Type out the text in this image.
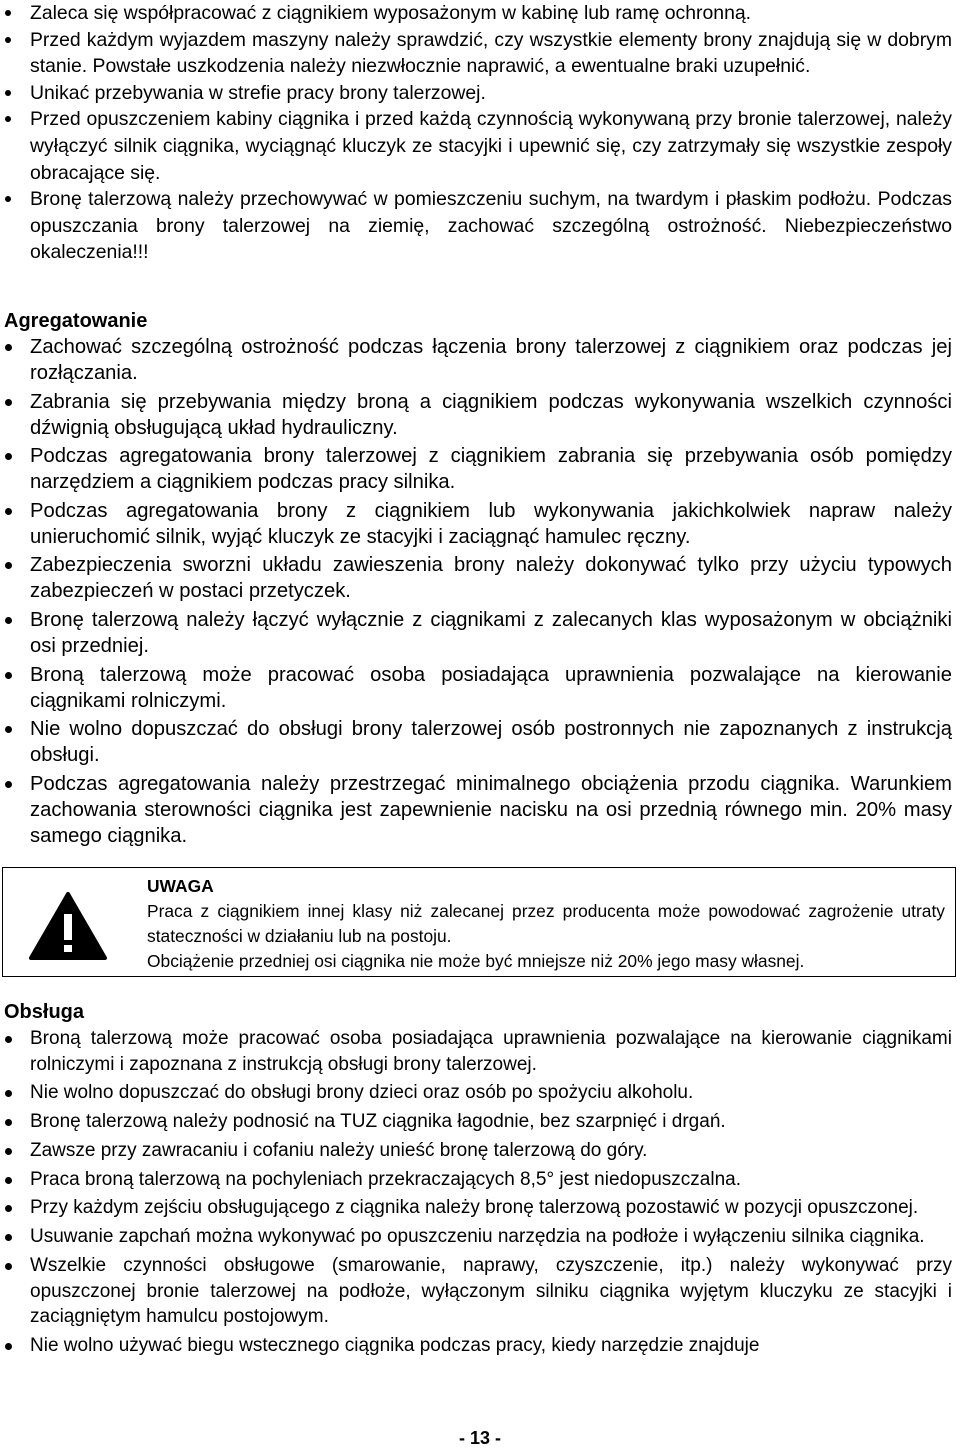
Zaleca się współpracować z ciągnikiem wyposażonym w kabinę lub ramę ochronną.
Przed każdym wyjazdem maszyny należy sprawdzić, czy wszystkie elementy brony znajdują się w dobrym stanie. Powstałe uszkodzenia należy niezwłocznie naprawić, a ewentualne braki uzupełnić.
Unikać przebywania w strefie pracy brony talerzowej.
Przed opuszczeniem kabiny ciągnika i przed każdą czynnością wykonywaną przy bronie talerzowej, należy wyłączyć silnik ciągnika, wyciągnąć kluczyk ze stacyjki i upewnić się, czy zatrzymały się wszystkie zespoły obracające się.
Bronę talerzową należy przechowywać w pomieszczeniu suchym, na twardym i płaskim podłożu. Podczas opuszczania brony talerzowej na ziemię, zachować szczególną ostrożność. Niebezpieczeństwo okaleczenia!!!
Agregatowanie
Zachować szczególną ostrożność podczas łączenia brony talerzowej z ciągnikiem oraz podczas jej rozłączania.
Zabrania się przebywania między broną a ciągnikiem podczas wykonywania wszelkich czynności dźwignią obsługującą układ hydrauliczny.
Podczas agregatowania brony talerzowej z ciągnikiem zabrania się przebywania osób pomiędzy narzędziem a ciągnikiem podczas pracy silnika.
Podczas agregatowania brony z ciągnikiem lub wykonywania jakichkolwiek napraw należy unieruchomić silnik, wyjąć kluczyk ze stacyjki i zaciągnąć hamulec ręczny.
Zabezpieczenia sworzni układu zawieszenia brony należy dokonywać tylko przy użyciu typowych zabezpieczeń w postaci przetyczek.
Bronę talerzową należy łączyć wyłącznie z ciągnikami z zalecanych klas wyposażonym w obciążniki osi przedniej.
Broną talerzową może pracować osoba posiadająca uprawnienia pozwalające na kierowanie ciągnikami rolniczymi.
Nie wolno dopuszczać do obsługi brony talerzowej osób postronnych nie zapoznanych z instrukcją obsługi.
Podczas agregatowania należy przestrzegać minimalnego obciążenia przodu ciągnika. Warunkiem zachowania sterowności ciągnika jest zapewnienie nacisku na osi przednią równego min. 20% masy samego ciągnika.
UWAGA
Praca z ciągnikiem innej klasy niż zalecanej przez producenta może powodować zagrożenie utraty stateczności w działaniu lub na postoju.
Obciążenie przedniej osi ciągnika nie może być mniejsze niż 20% jego masy własnej.
Obsługa
Broną talerzową może pracować osoba posiadająca uprawnienia pozwalające na kierowanie ciągnikami rolniczymi i zapoznana z instrukcją obsługi brony talerzowej.
Nie wolno dopuszczać do obsługi brony dzieci oraz osób po spożyciu alkoholu.
Bronę talerzową należy podnosić na TUZ ciągnika łagodnie, bez szarpnięć i drgań.
Zawsze przy zawracaniu i cofaniu należy unieść bronę talerzową do góry.
Praca broną talerzową na pochyleniach przekraczających 8,5° jest niedopuszczalna.
Przy każdym zejściu obsługującego z ciągnika należy bronę talerzową pozostawić w pozycji opuszczonej.
Usuwanie zapchań można wykonywać po opuszczeniu narzędzia na podłoże i wyłączeniu silnika ciągnika.
Wszelkie czynności obsługowe (smarowanie, naprawy, czyszczenie, itp.) należy wykonywać przy opuszczonej bronie talerzowej na podłoże, wyłączonym silniku ciągnika wyjętym kluczyku ze stacyjki i zaciągniętym hamulcu postojowym.
Nie wolno używać biegu wstecznego ciągnika podczas pracy, kiedy narzędzie znajduje
- 13 -
